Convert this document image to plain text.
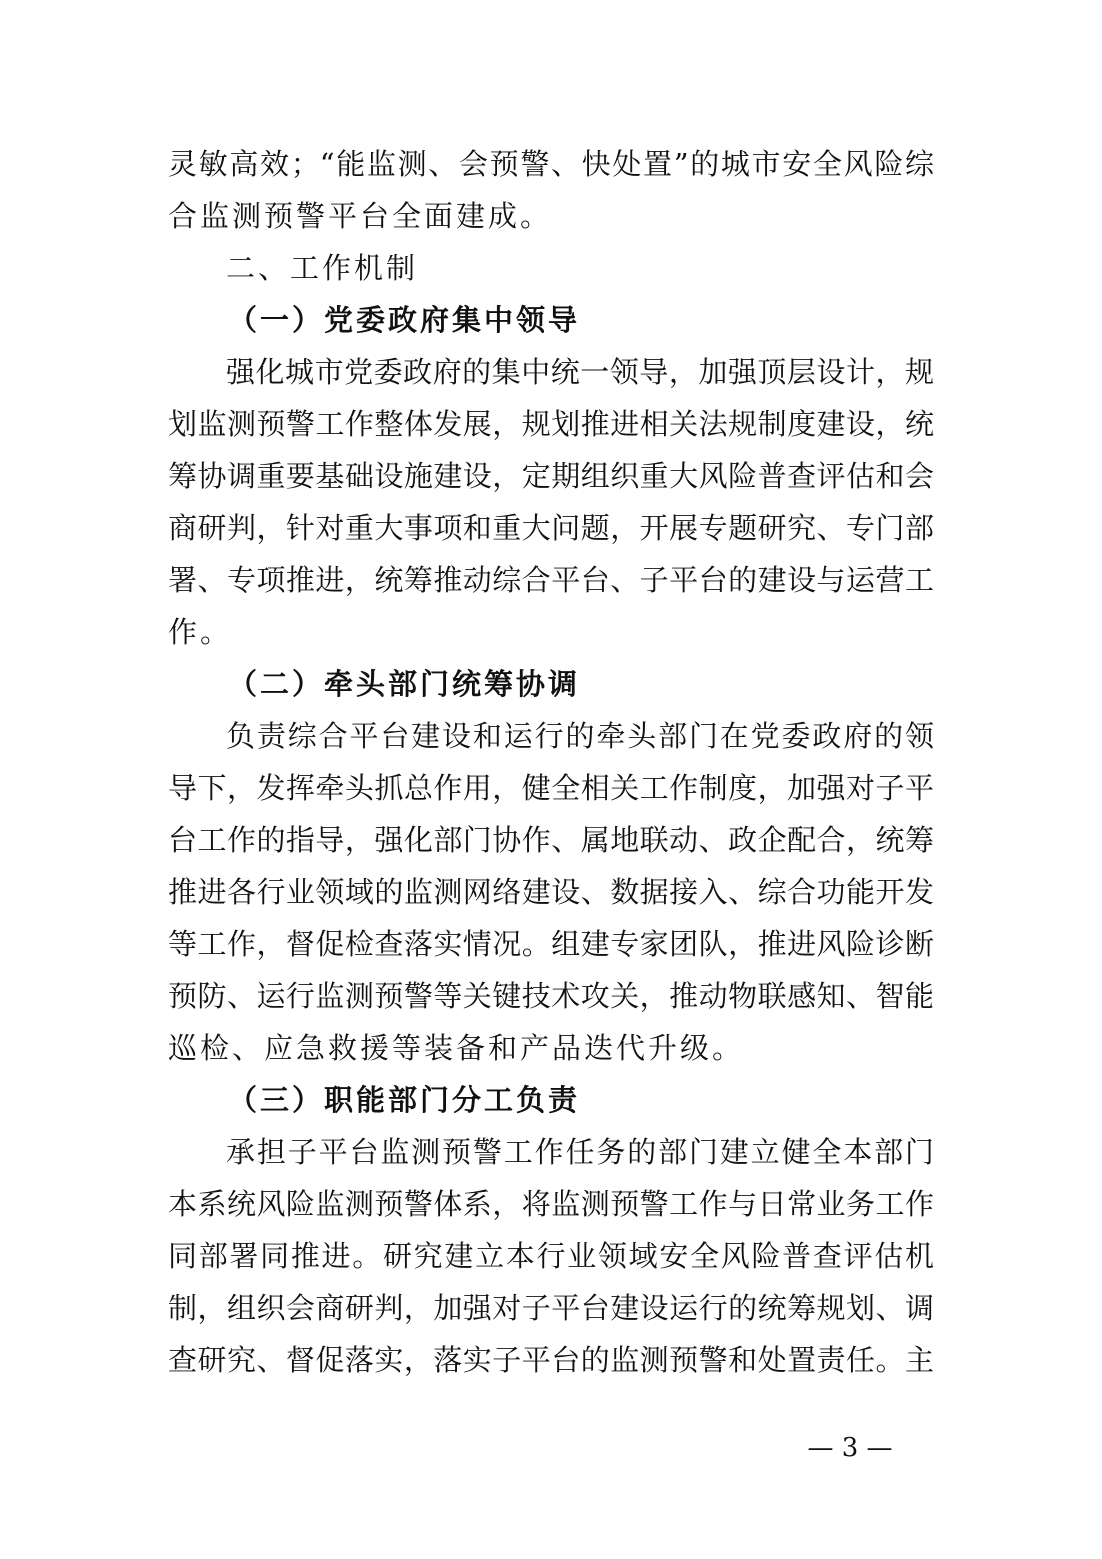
灵敏高效；“能监测、会预警、快处置”的城市安全风险综
合监测预警平台全面建成。
二、工作机制
（一）党委政府集中领导
强化城市党委政府的集中统一领导，加强顶层设计，规
划监测预警工作整体发展，规划推进相关法规制度建设，统
筹协调重要基础设施建设，定期组织重大风险普查评估和会
商研判，针对重大事项和重大问题，开展专题研究、专门部
署、专项推进，统筹推动综合平台、子平台的建设与运营工
作。
（二）牵头部门统筹协调
负责综合平台建设和运行的牵头部门在党委政府的领
导下，发挥牵头抓总作用，健全相关工作制度，加强对子平
台工作的指导，强化部门协作、属地联动、政企配合，统筹
推进各行业领域的监测网络建设、数据接入、综合功能开发
等工作，督促检查落实情况。组建专家团队，推进风险诊断
预防、运行监测预警等关键技术攻关，推动物联感知、智能
巡检、应急救援等装备和产品迭代升级。
（三）职能部门分工负责
承担子平台监测预警工作任务的部门建立健全本部门
本系统风险监测预警体系，将监测预警工作与日常业务工作
同部署同推进。研究建立本行业领域安全风险普查评估机
制，组织会商研判，加强对子平台建设运行的统筹规划、调
查研究、督促落实，落实子平台的监测预警和处置责任。主
— 3 —
